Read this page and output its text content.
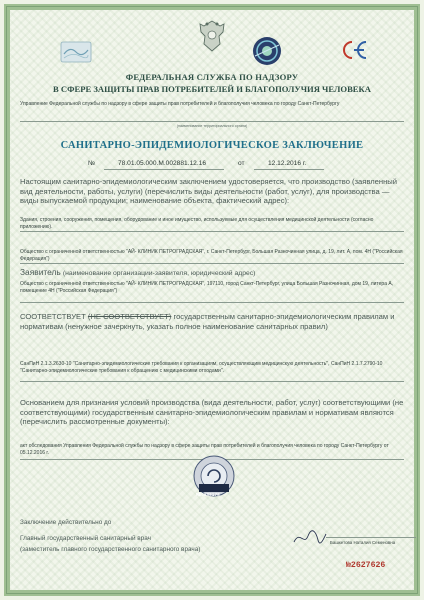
ФЕДЕРАЛЬНАЯ СЛУЖБА ПО НАДЗОРУ
В СФЕРЕ ЗАЩИТЫ ПРАВ ПОТРЕБИТЕЛЕЙ И БЛАГОПОЛУЧИЯ ЧЕЛОВЕКА
Управление Федеральной службы по надзору в сфере защиты прав потребителей и благополучия человека по городу Санкт-Петербургу
(наименование территориального органа)
САНИТАРНО-ЭПИДЕМИОЛОГИЧЕСКОЕ ЗАКЛЮЧЕНИЕ
№	78.01.05.000.М.002881.12.16	от	12.12.2016 г.
Настоящим санитарно-эпидемиологическим заключением удостоверяется, что производство (заявленный вид деятельности, работы, услуги) (перечислить виды деятельности (работ, услуг), для производства — виды выпускаемой продукции; наименование объекта, фактический адрес):
Здания, строения, сооружения, помещения, оборудование и иное имущество, используемые для осуществления медицинской деятельности (согласно приложению).
Общество с ограниченной ответственностью "АЙ- КЛИНИК ПЕТРОГРАДСКАЯ", г. Санкт-Петербург, Большая Разночинная улица, д. 19, лит. А, пом. 4Н ("Российская Федерация")
Заявитель (наименование организации-заявителя, юридический адрес)
Общество с ограниченной ответственностью "АЙ- КЛИНИК ПЕТРОГРАДСКАЯ", 197110, город Санкт-Петербург, улица Большая Разночинная, дом 19, литера А, помещение 4Н ("Российская Федерация")
СООТВЕТСТВУЕТ (НЕ СООТВЕТСТВУЕТ) государственным санитарно-эпидемиологическим правилам и нормативам (ненужное зачеркнуть, указать полное наименование санитарных правил)
СанПиН 2.1.3.2630-10 "Санитарно-эпидемиологические требования к организациям, осуществляющим медицинскую деятельность", СанПиН 2.1.7.2790-10 "Санитарно-эпидемиологические требования к обращению с медицинскими отходами".
Основанием для признания условий производства (вида деятельности, работ, услуг) соответствующими (не соответствующими) государственным санитарно-эпидемиологическим правилам и нормативам являются (перечислить рассмотренные документы):
акт обследования Управления Федеральной службы по надзору в сфере защиты прав потребителей и благополучия человека по городу Санкт-Петербургу от 05.12.2016 г.
МЕ0888178
Заключение действительно до
Главный государственный санитарный врач
(заместитель главного государственного санитарного врача)
Башкетова Наталия Семеновна
№2627626
